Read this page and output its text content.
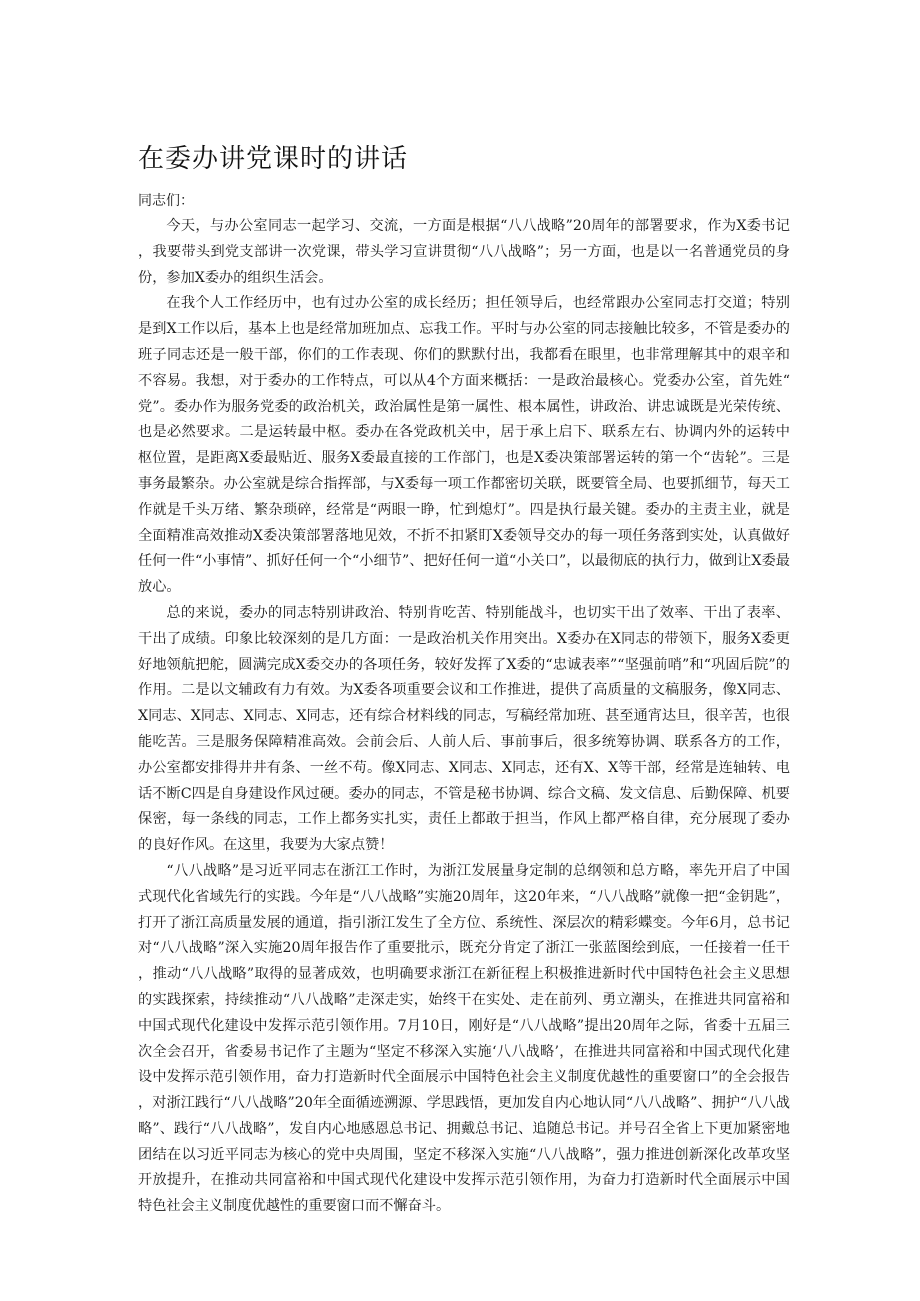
在委办讲党课时的讲话

同志们：

今天，与办公室同志一起学习、交流，一方面是根据“八八战略”20周年的部署要求，作为X委书记，我要带头到党支部讲一次党课，带头学习宣讲贯彻“八八战略”；另一方面，也是以一名普通党员的身份，参加X委办的组织生活会。

在我个人工作经历中，也有过办公室的成长经历；担任领导后，也经常跟办公室同志打交道；特别是到X工作以后，基本上也是经常加班加点、忘我工作。平时与办公室的同志接触比较多，不管是委办的班子同志还是一般干部，你们的工作表现、你们的默默付出，我都看在眼里，也非常理解其中的艰辛和不容易。我想，对于委办的工作特点，可以从4个方面来概括：一是政治最核心。党委办公室，首先姓“党”。委办作为服务党委的政治机关，政治属性是第一属性、根本属性，讲政治、讲忠诚既是光荣传统、也是必然要求。二是运转最中枢。委办在各党政机关中，居于承上启下、联系左右、协调内外的运转中枢位置，是距离X委最贴近、服务X委最直接的工作部门，也是X委决策部署运转的第一个“齿轮”。三是事务最繁杂。办公室就是综合指挥部，与X委每一项工作都密切关联，既要管全局、也要抓细节，每天工作就是千头万绪、繁杂琐碎，经常是“两眼一睁，忙到熄灯”。四是执行最关键。委办的主责主业，就是全面精准高效推动X委决策部署落地见效，不折不扣紧盯X委领导交办的每一项任务落到实处，认真做好任何一件“小事情”、抓好任何一个“小细节”、把好任何一道“小关口”，以最彻底的执行力，做到让X委最放心。

总的来说，委办的同志特别讲政治、特别肯吃苦、特别能战斗，也切实干出了效率、干出了表率、干出了成绩。印象比较深刻的是几方面：一是政治机关作用突出。X委办在X同志的带领下，服务X委更好地领航把舵，圆满完成X委交办的各项任务，较好发挥了X委的“忠诚表率”“坚强前哨”和“巩固后院”的作用。二是以文辅政有力有效。为X委各项重要会议和工作推进，提供了高质量的文稿服务，像X同志、X同志、X同志、X同志、X同志，还有综合材料线的同志，写稿经常加班、甚至通宵达旦，很辛苦，也很能吃苦。三是服务保障精准高效。会前会后、人前人后、事前事后，很多统筹协调、联系各方的工作，办公室都安排得井井有条、一丝不苟。像X同志、X同志、X同志，还有X、X等干部，经常是连轴转、电话不断C四是自身建设作风过硬。委办的同志，不管是秘书协调、综合文稿、发文信息、后勤保障、机要保密，每一条线的同志，工作上都务实扎实，责任上都敢于担当，作风上都严格自律，充分展现了委办的良好作风。在这里，我要为大家点赞！

“八八战略”是习近平同志在浙江工作时，为浙江发展量身定制的总纲领和总方略，率先开启了中国式现代化省域先行的实践。今年是“八八战略”实施20周年，这20年来，“八八战略”就像一把“金钥匙”，打开了浙江高质量发展的通道，指引浙江发生了全方位、系统性、深层次的精彩蝶变。今年6月，总书记对“八八战略”深入实施20周年报告作了重要批示，既充分肯定了浙江一张蓝图绘到底，一任接着一任干，推动“八八战略”取得的显著成效，也明确要求浙江在新征程上积极推进新时代中国特色社会主义思想的实践探索，持续推动“八八战略”走深走实，始终干在实处、走在前列、勇立潮头，在推进共同富裕和中国式现代化建设中发挥示范引领作用。7月10日，刚好是“八八战略”提出20周年之际，省委十五届三次全会召开，省委易书记作了主题为“坚定不移深入实施‘八八战略’，在推进共同富裕和中国式现代化建设中发挥示范引领作用，奋力打造新时代全面展示中国特色社会主义制度优越性的重要窗口”的全会报告，对浙江践行“八八战略”20年全面循迹溯源、学思践悟，更加发自内心地认同“八八战略”、拥护“八八战略”、践行“八八战略”，发自内心地感恩总书记、拥戴总书记、追随总书记。并号召全省上下更加紧密地团结在以习近平同志为核心的党中央周围，坚定不移深入实施“八八战略”，强力推进创新深化改革攻坚开放提升，在推动共同富裕和中国式现代化建设中发挥示范引领作用，为奋力打造新时代全面展示中国特色社会主义制度优越性的重要窗口而不懈奋斗。
